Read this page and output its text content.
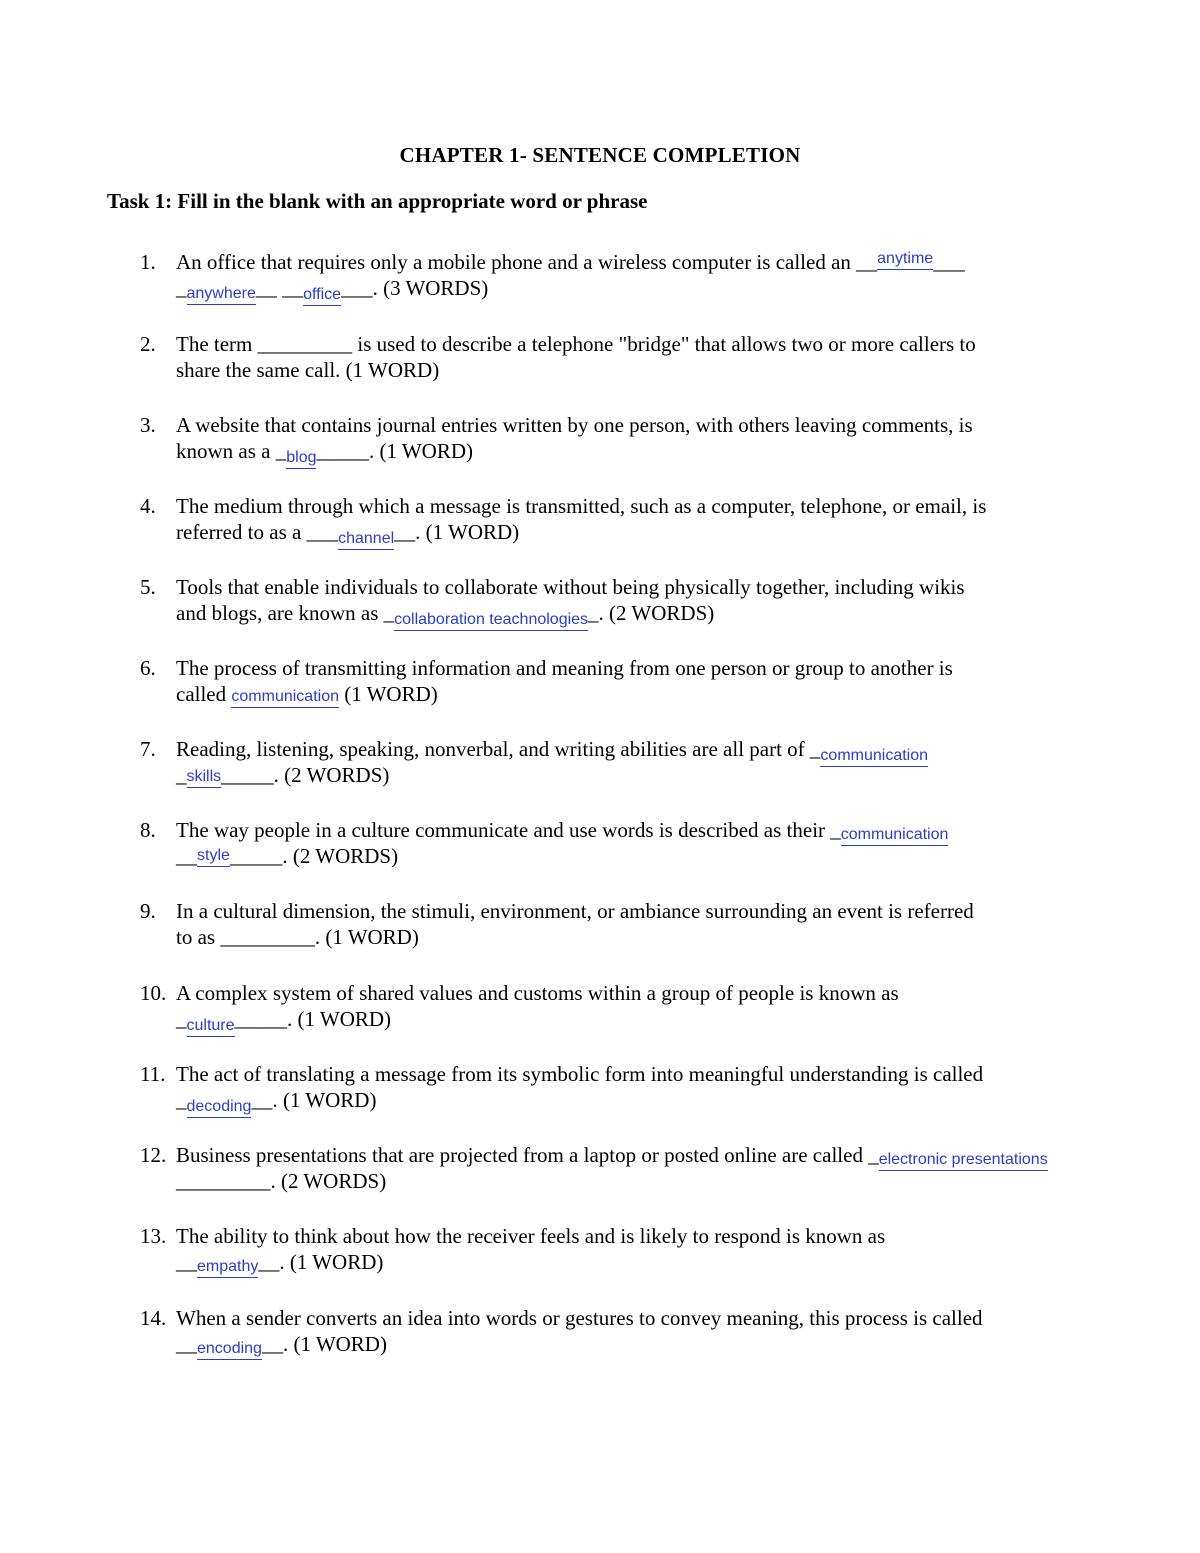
CHAPTER 1- SENTENCE COMPLETION
Task 1: Fill in the blank with an appropriate word or phrase
1. An office that requires only a mobile phone and a wireless computer is called an __anytime___
_anywhere__ __office___. (3 WORDS)
2. The term _________ is used to describe a telephone "bridge" that allows two or more callers to
share the same call. (1 WORD)
3. A website that contains journal entries written by one person, with others leaving comments, is
known as a _blog_____. (1 WORD)
4. The medium through which a message is transmitted, such as a computer, telephone, or email, is
referred to as a ___channel__. (1 WORD)
5. Tools that enable individuals to collaborate without being physically together, including wikis
and blogs, are known as _collaboration teachnologies_. (2 WORDS)
6. The process of transmitting information and meaning from one person or group to another is
called communication (1 WORD)
7. Reading, listening, speaking, nonverbal, and writing abilities are all part of _communication
_skills_____. (2 WORDS)
8. The way people in a culture communicate and use words is described as their _communication
__style_____. (2 WORDS)
9. In a cultural dimension, the stimuli, environment, or ambiance surrounding an event is referred
to as _________. (1 WORD)
10. A complex system of shared values and customs within a group of people is known as
_culture_____. (1 WORD)
11. The act of translating a message from its symbolic form into meaningful understanding is called
_decoding__. (1 WORD)
12. Business presentations that are projected from a laptop or posted online are called _electronic presentations
_________. (2 WORDS)
13. The ability to think about how the receiver feels and is likely to respond is known as
__empathy__. (1 WORD)
14. When a sender converts an idea into words or gestures to convey meaning, this process is called
__encoding__. (1 WORD)
